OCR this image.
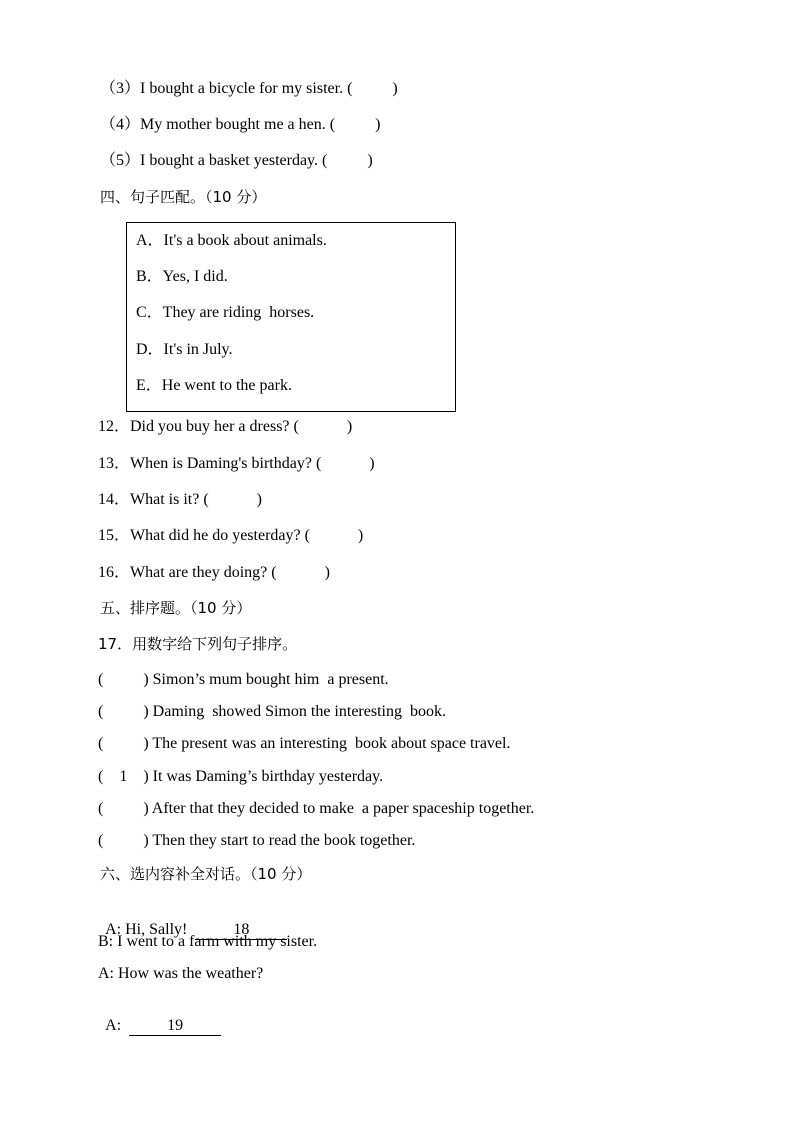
（3）I bought a bicycle for my sister. (          )
（4）My mother bought me a hen. (          )
（5）I bought a basket yesterday. (          )
四、句子匹配。（10 分）
A．It's a book about animals.
B．Yes, I did.
C．They are riding  horses.
D．It's in July.
E．He went to the park.
12．Did you buy her a dress? (            )
13．When is Daming's birthday? (            )
14．What is it? (            )
15．What did he do yesterday? (            )
16．What are they doing? (            )
五、排序题。（10 分）
17．用数字给下列句子排序。
(          ) Simon’s mum bought him  a present.
(          ) Daming  showed Simon the interesting  book.
(          ) The present was an interesting  book about space travel.
(    1    ) It was Daming’s birthday yesterday.
(          ) After that they decided to make  a paper spaceship together.
(          ) Then they start to read the book together.
六、选内容补全对话。（10 分）

A: Hi, Sally!  18

B: I went to a farm with my sister.
A: How was the weather?

A:  19
